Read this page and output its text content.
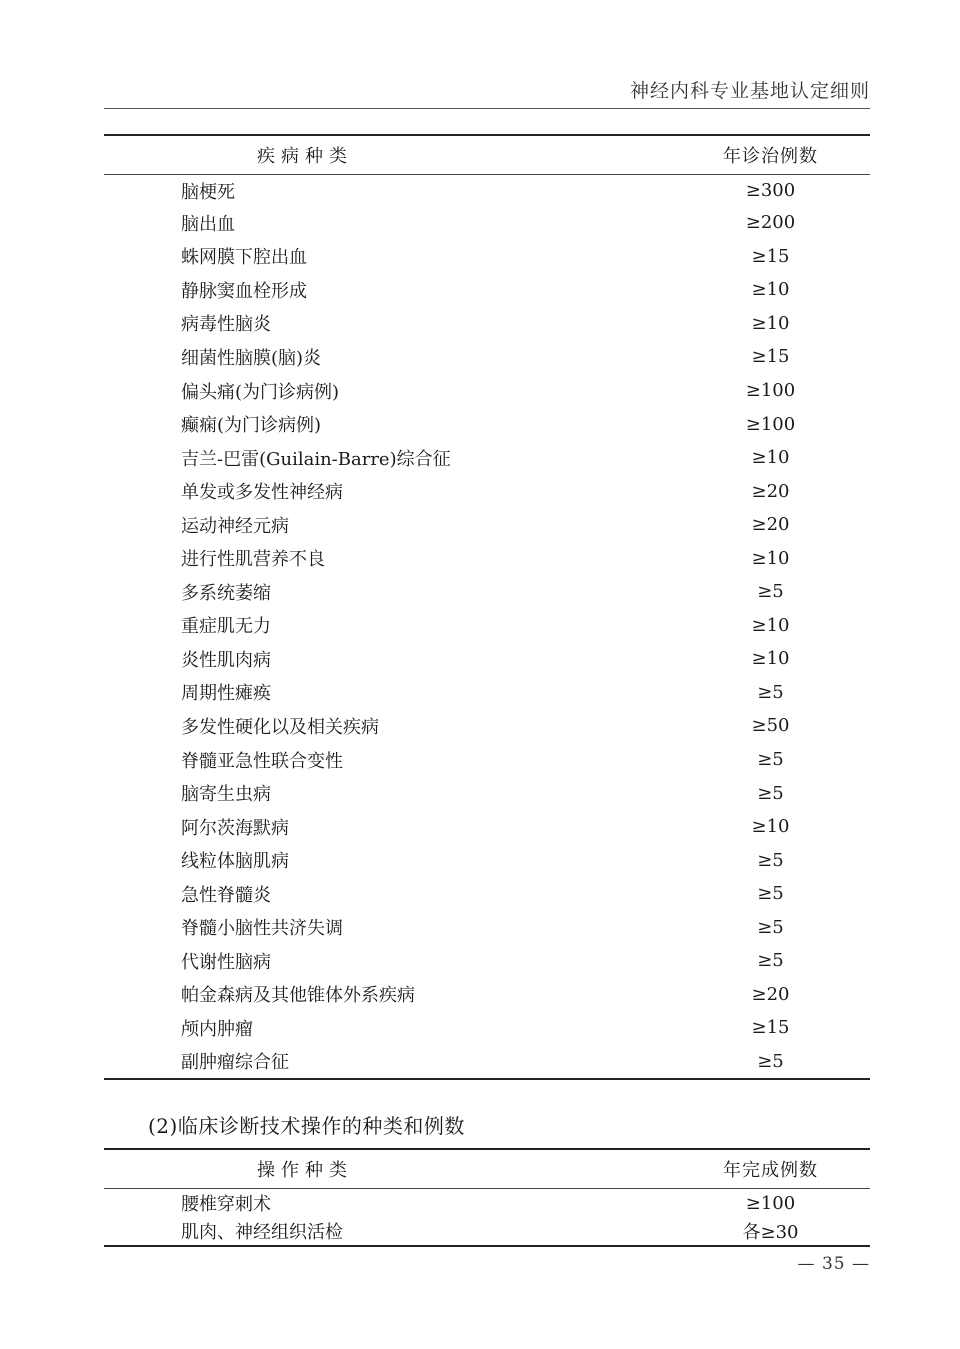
神经内科专业基地认定细则
疾病种类	年诊治例数
脑梗死	≥300
脑出血	≥200
蛛网膜下腔出血	≥15
静脉窦血栓形成	≥10
病毒性脑炎	≥10
细菌性脑膜(脑)炎	≥15
偏头痛(为门诊病例)	≥100
癫痫(为门诊病例)	≥100
吉兰-巴雷(Guilain-Barre)综合征	≥10
单发或多发性神经病	≥20
运动神经元病	≥20
进行性肌营养不良	≥10
多系统萎缩	≥5
重症肌无力	≥10
炎性肌肉病	≥10
周期性瘫痪	≥5
多发性硬化以及相关疾病	≥50
脊髓亚急性联合变性	≥5
脑寄生虫病	≥5
阿尔茨海默病	≥10
线粒体脑肌病	≥5
急性脊髓炎	≥5
脊髓小脑性共济失调	≥5
代谢性脑病	≥5
帕金森病及其他锥体外系疾病	≥20
颅内肿瘤	≥15
副肿瘤综合征	≥5
(2)临床诊断技术操作的种类和例数
操作种类	年完成例数
腰椎穿刺术	≥100
肌肉、神经组织活检	各≥30
— 35 —
